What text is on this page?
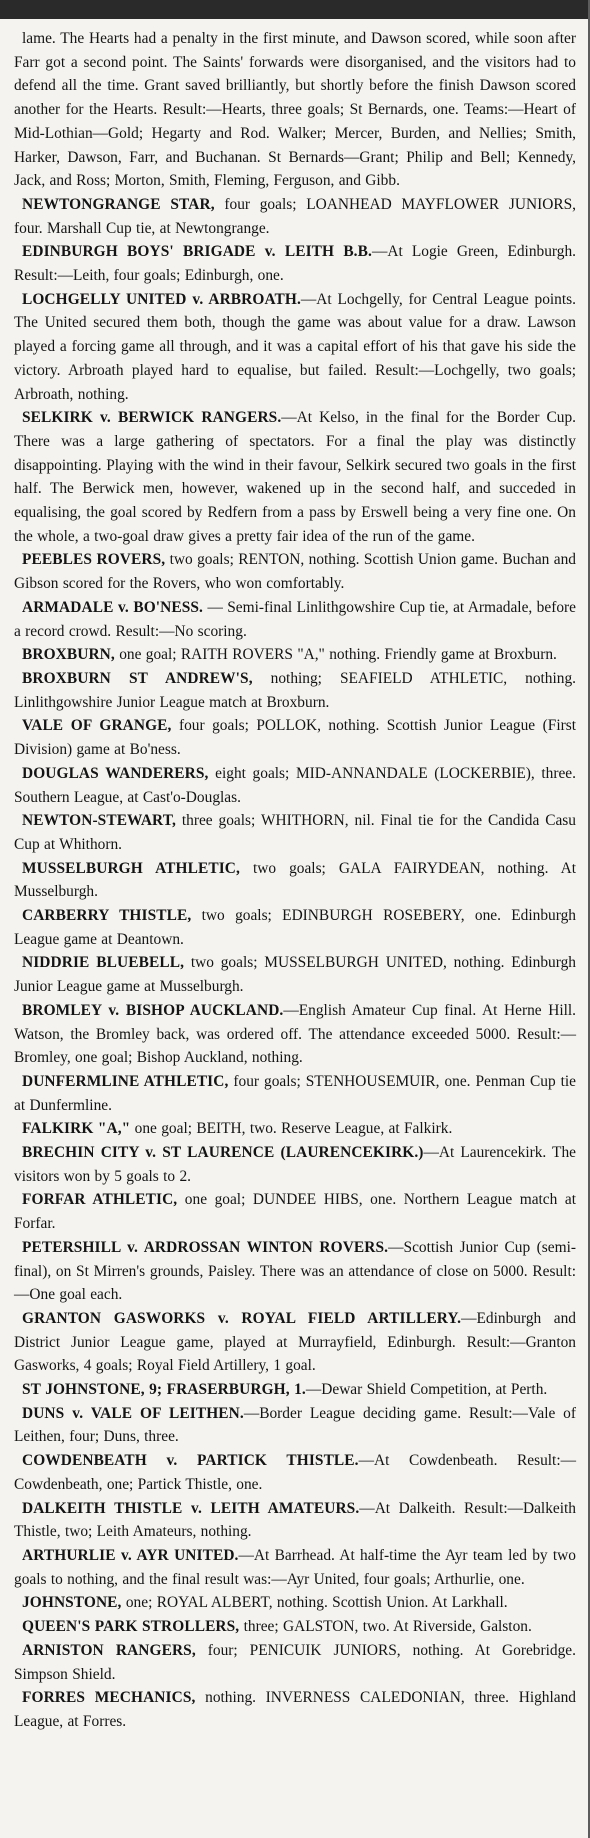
lame. The Hearts had a penalty in the first minute, and Dawson scored, while soon after Farr got a second point. The Saints' forwards were disorganised, and the visitors had to defend all the time. Grant saved brilliantly, but shortly before the finish Dawson scored another for the Hearts. Result:—Hearts, three goals; St Bernards, one. Teams:—Heart of Mid-Lothian—Gold; Hegarty and Rod. Walker; Mercer, Burden, and Nellies; Smith, Harker, Dawson, Farr, and Buchanan. St Bernards—Grant; Philip and Bell; Kennedy, Jack, and Ross; Morton, Smith, Fleming, Ferguson, and Gibb.

NEWTONGRANGE STAR, four goals; LOANHEAD MAYFLOWER JUNIORS, four. Marshall Cup tie, at Newtongrange.

EDINBURGH BOYS' BRIGADE v. LEITH B.B.—At Logie Green, Edinburgh. Result:—Leith, four goals; Edinburgh, one.

LOCHGELLY UNITED v. ARBROATH.—At Lochgelly, for Central League points. The United secured them both, though the game was about value for a draw. Lawson played a forcing game all through, and it was a capital effort of his that gave his side the victory. Arbroath played hard to equalise, but failed. Result:—Lochgelly, two goals; Arbroath, nothing.

SELKIRK v. BERWICK RANGERS.—At Kelso, in the final for the Border Cup. There was a large gathering of spectators. For a final the play was distinctly disappointing. Playing with the wind in their favour, Selkirk secured two goals in the first half. The Berwick men, however, wakened up in the second half, and succeded in equalising, the goal scored by Redfern from a pass by Erswell being a very fine one. On the whole, a two-goal draw gives a pretty fair idea of the run of the game.

PEEBLES ROVERS, two goals; RENTON, nothing. Scottish Union game. Buchan and Gibson scored for the Rovers, who won comfortably.

ARMADALE v. BO'NESS. — Semi-final Linlithgowshire Cup tie, at Armadale, before a record crowd. Result:—No scoring.

BROXBURN, one goal; RAITH ROVERS "A," nothing. Friendly game at Broxburn.

BROXBURN ST ANDREW'S, nothing; SEAFIELD ATHLETIC, nothing. Linlithgowshire Junior League match at Broxburn.

VALE OF GRANGE, four goals; POLLOK, nothing. Scottish Junior League (First Division) game at Bo'ness.

DOUGLAS WANDERERS, eight goals; MID-ANNANDALE (LOCKERBIE), three. Southern League, at Cast'o-Douglas.

NEWTON-STEWART, three goals; WHITHORN, nil. Final tie for the Candida Casu Cup at Whithorn.

MUSSELBURGH ATHLETIC, two goals; GALA FAIRYDEAN, nothing. At Musselburgh.

CARBERRY THISTLE, two goals; EDINBURGH ROSEBERY, one. Edinburgh League game at Deantown.

NIDDRIE BLUEBELL, two goals; MUSSELBURGH UNITED, nothing. Edinburgh Junior League game at Musselburgh.

BROMLEY v. BISHOP AUCKLAND.—English Amateur Cup final. At Herne Hill. Watson, the Bromley back, was ordered off. The attendance exceeded 5000. Result:—Bromley, one goal; Bishop Auckland, nothing.

DUNFERMLINE ATHLETIC, four goals; STENHOUSEMUIR, one. Penman Cup tie at Dunfermline.

FALKIRK "A," one goal; BEITH, two. Reserve League, at Falkirk.

BRECHIN CITY v. ST LAURENCE (LAURENCEKIRK.)—At Laurencekirk. The visitors won by 5 goals to 2.

FORFAR ATHLETIC, one goal; DUNDEE HIBS, one. Northern League match at Forfar.

PETERSHILL v. ARDROSSAN WINTON ROVERS.—Scottish Junior Cup (semi-final), on St Mirren's grounds, Paisley. There was an attendance of close on 5000. Result:—One goal each.

GRANTON GASWORKS v. ROYAL FIELD ARTILLERY.—Edinburgh and District Junior League game, played at Murrayfield, Edinburgh. Result:—Granton Gasworks, 4 goals; Royal Field Artillery, 1 goal.

ST JOHNSTONE, 9; FRASERBURGH, 1.—Dewar Shield Competition, at Perth.

DUNS v. VALE OF LEITHEN.—Border League deciding game. Result:—Vale of Leithen, four; Duns, three.

COWDENBEATH v. PARTICK THISTLE.—At Cowdenbeath. Result:—Cowdenbeath, one; Partick Thistle, one.

DALKEITH THISTLE v. LEITH AMATEURS.—At Dalkeith. Result:—Dalkeith Thistle, two; Leith Amateurs, nothing.

ARTHURLIE v. AYR UNITED.—At Barrhead. At half-time the Ayr team led by two goals to nothing, and the final result was:—Ayr United, four goals; Arthurlie, one.

JOHNSTONE, one; ROYAL ALBERT, nothing. Scottish Union. At Larkhall.

QUEEN'S PARK STROLLERS, three; GALSTON, two. At Riverside, Galston.

ARNISTON RANGERS, four; PENICUIK JUNIORS, nothing. At Gorebridge. Simpson Shield.

FORRES MECHANICS, nothing. INVERNESS CALEDONIAN, three. Highland League, at Forres.
